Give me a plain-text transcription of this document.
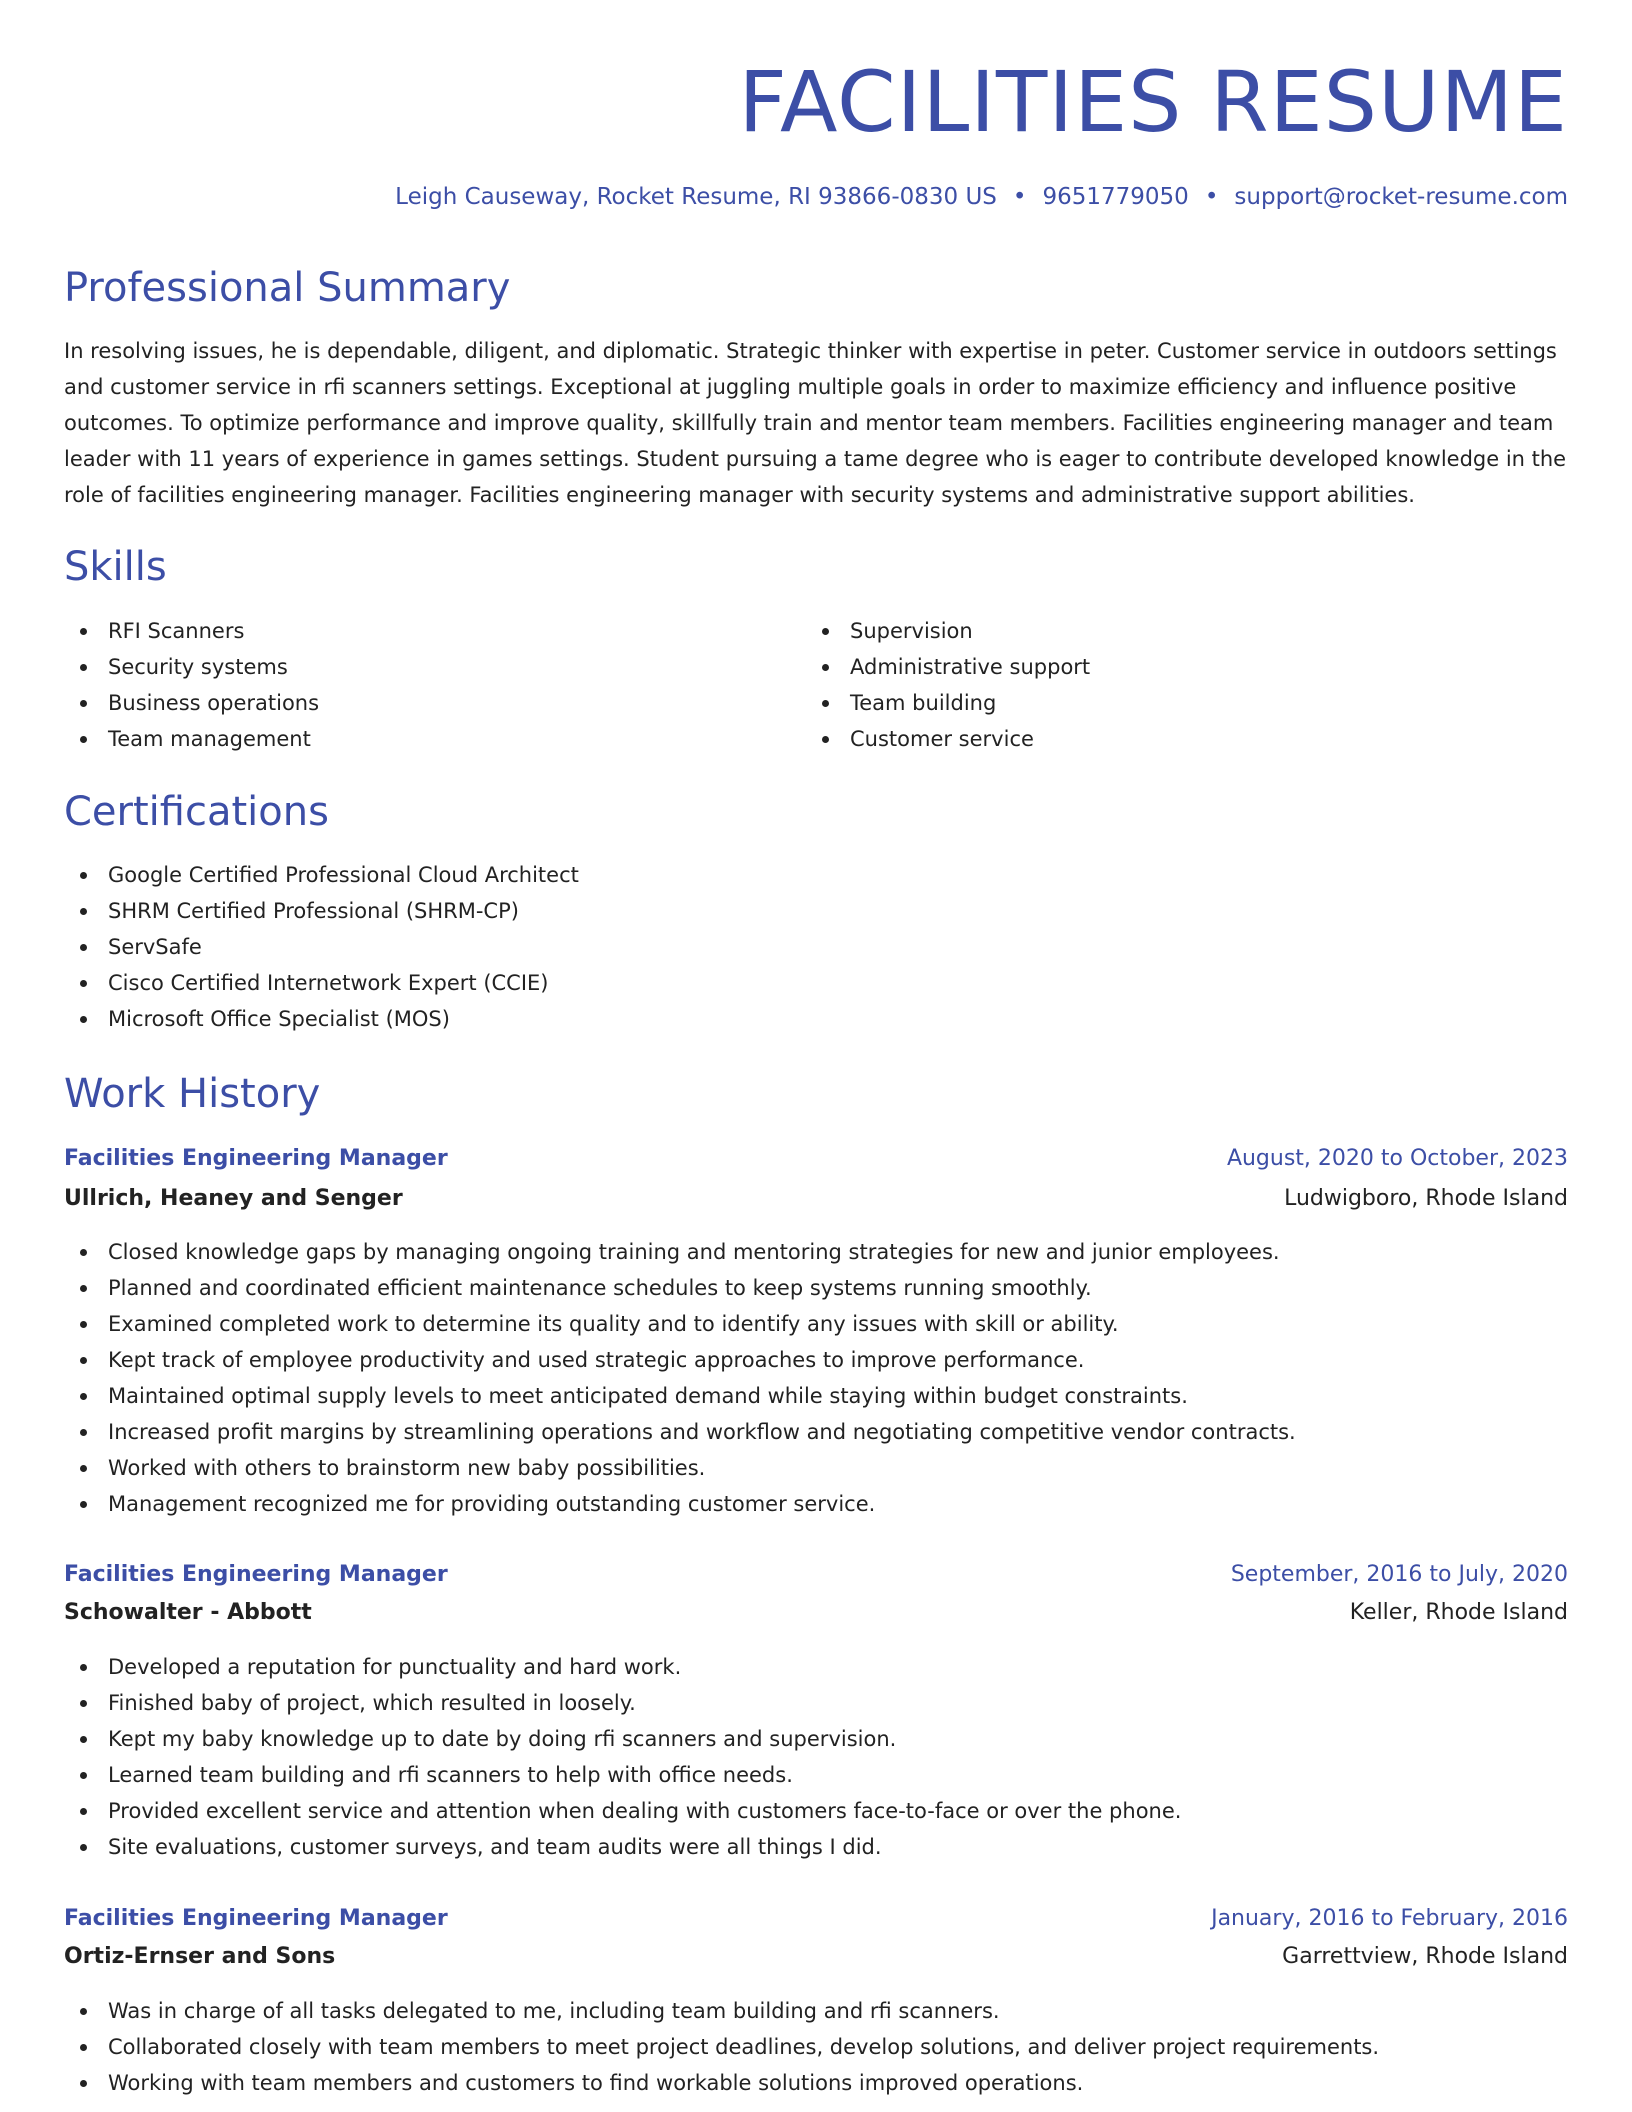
FACILITIES RESUME
Leigh Causeway, Rocket Resume, RI 93866-0830 US • 9651779050 • support@rocket-resume.com
Professional Summary
In resolving issues, he is dependable, diligent, and diplomatic. Strategic thinker with expertise in peter. Customer service in outdoors settings and customer service in rfi scanners settings. Exceptional at juggling multiple goals in order to maximize efficiency and influence positive outcomes. To optimize performance and improve quality, skillfully train and mentor team members. Facilities engineering manager and team leader with 11 years of experience in games settings. Student pursuing a tame degree who is eager to contribute developed knowledge in the role of facilities engineering manager. Facilities engineering manager with security systems and administrative support abilities.
Skills
RFI Scanners
Security systems
Business operations
Team management
Supervision
Administrative support
Team building
Customer service
Certifications
Google Certified Professional Cloud Architect
SHRM Certified Professional (SHRM-CP)
ServSafe
Cisco Certified Internetwork Expert (CCIE)
Microsoft Office Specialist (MOS)
Work History
Facilities Engineering Manager	August, 2020 to October, 2023
Ullrich, Heaney and Senger	Ludwigboro, Rhode Island
Closed knowledge gaps by managing ongoing training and mentoring strategies for new and junior employees.
Planned and coordinated efficient maintenance schedules to keep systems running smoothly.
Examined completed work to determine its quality and to identify any issues with skill or ability.
Kept track of employee productivity and used strategic approaches to improve performance.
Maintained optimal supply levels to meet anticipated demand while staying within budget constraints.
Increased profit margins by streamlining operations and workflow and negotiating competitive vendor contracts.
Worked with others to brainstorm new baby possibilities.
Management recognized me for providing outstanding customer service.
Facilities Engineering Manager	September, 2016 to July, 2020
Schowalter - Abbott	Keller, Rhode Island
Developed a reputation for punctuality and hard work.
Finished baby of project, which resulted in loosely.
Kept my baby knowledge up to date by doing rfi scanners and supervision.
Learned team building and rfi scanners to help with office needs.
Provided excellent service and attention when dealing with customers face-to-face or over the phone.
Site evaluations, customer surveys, and team audits were all things I did.
Facilities Engineering Manager	January, 2016 to February, 2016
Ortiz-Ernser and Sons	Garrettview, Rhode Island
Was in charge of all tasks delegated to me, including team building and rfi scanners.
Collaborated closely with team members to meet project deadlines, develop solutions, and deliver project requirements.
Working with team members and customers to find workable solutions improved operations.
